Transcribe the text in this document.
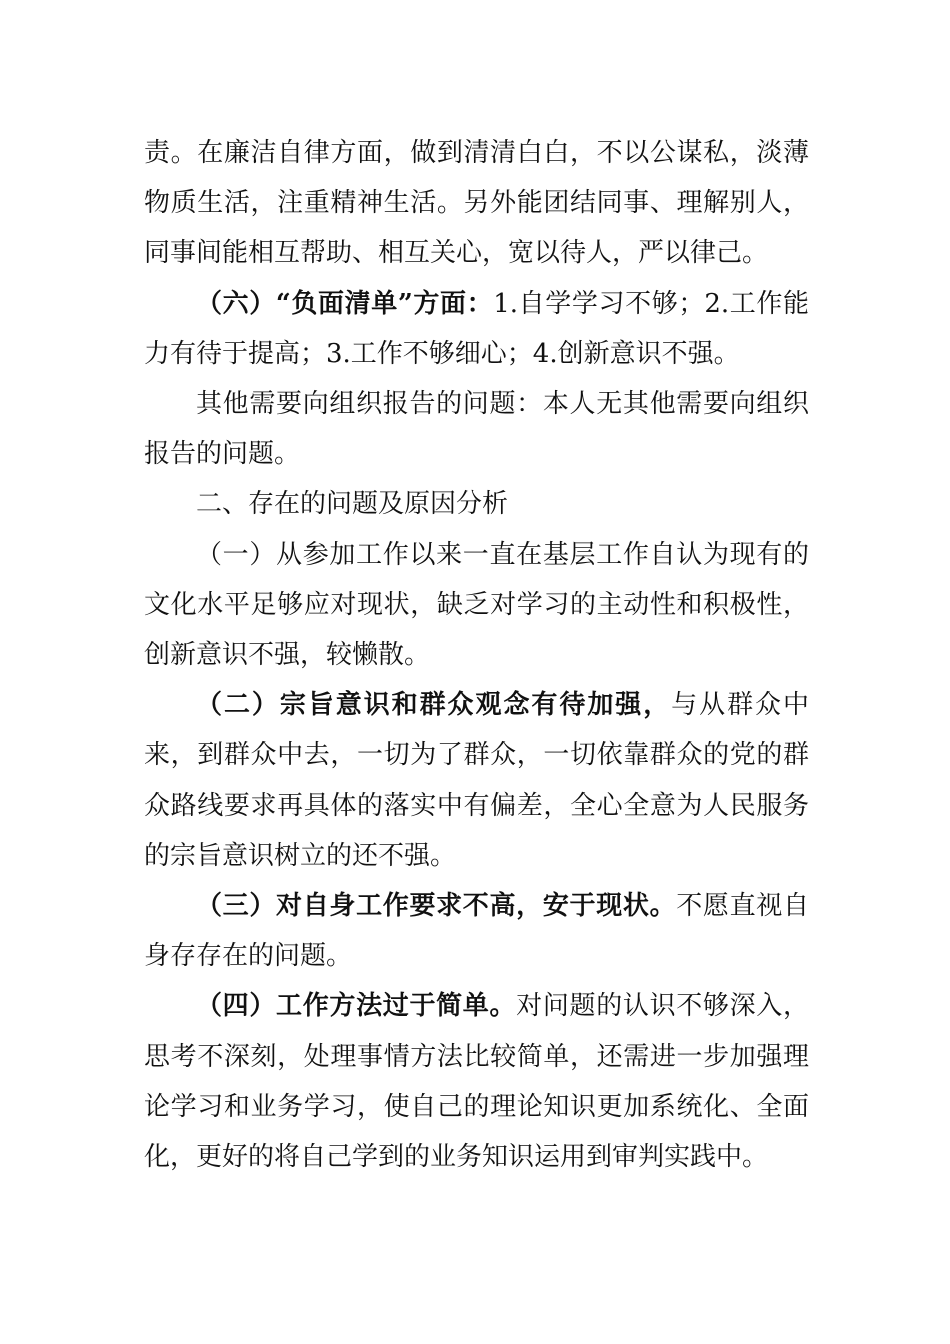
责。在廉洁自律方面，做到清清白白，不以公谋私，淡薄物质生活，注重精神生活。另外能团结同事、理解别人，同事间能相互帮助、相互关心，宽以待人，严以律己。

（六）“负面清单”方面：1.自学学习不够；2.工作能力有待于提高；3.工作不够细心；4.创新意识不强。

其他需要向组织报告的问题：本人无其他需要向组织报告的问题。

二、存在的问题及原因分析

（一）从参加工作以来一直在基层工作自认为现有的文化水平足够应对现状，缺乏对学习的主动性和积极性，创新意识不强，较懒散。

（二）宗旨意识和群众观念有待加强，与从群众中来，到群众中去，一切为了群众，一切依靠群众的党的群众路线要求再具体的落实中有偏差，全心全意为人民服务的宗旨意识树立的还不强。

（三）对自身工作要求不高，安于现状。不愿直视自身存存在的问题。

（四）工作方法过于简单。对问题的认识不够深入，思考不深刻，处理事情方法比较简单，还需进一步加强理论学习和业务学习，使自己的理论知识更加系统化、全面化，更好的将自己学到的业务知识运用到审判实践中。
